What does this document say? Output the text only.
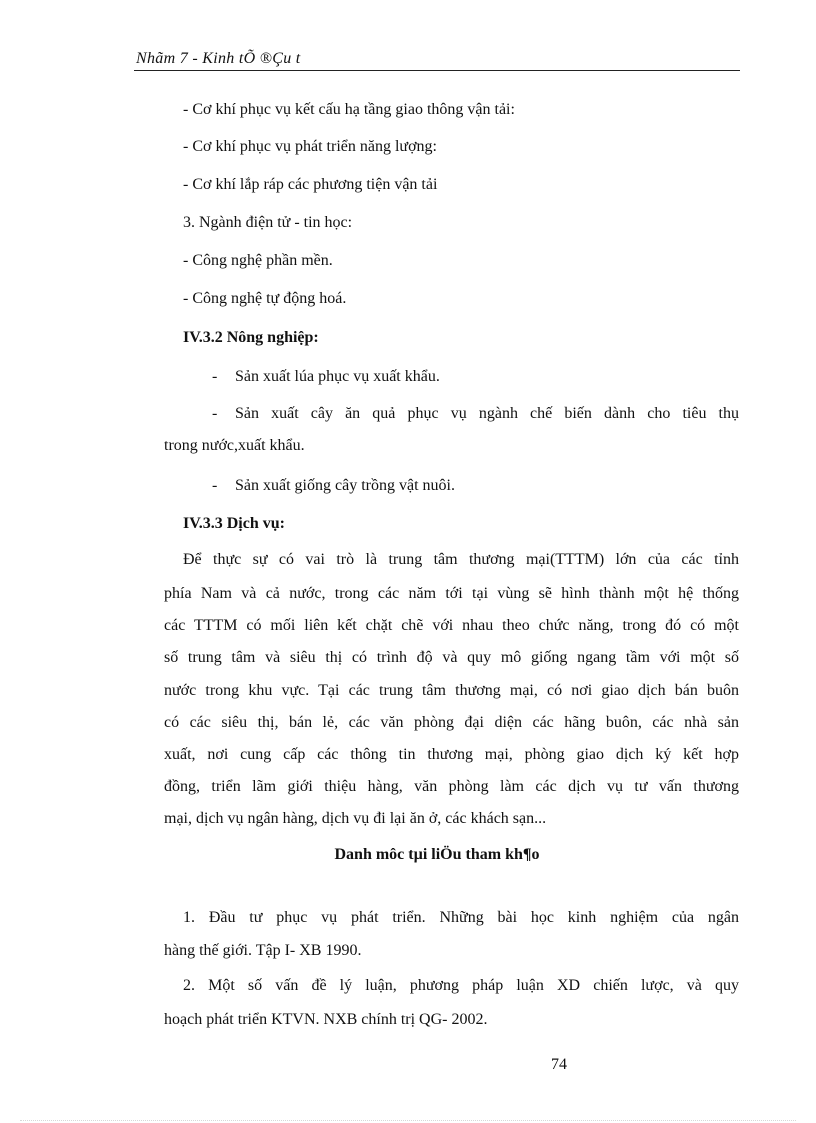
Nhãm 7 - Kinh tÕ ®Çu t
- Cơ khí phục vụ kết cấu hạ tầng giao thông vận tải:
- Cơ khí phục vụ phát triển năng lượng:
- Cơ khí lắp ráp các phương tiện vận tải
3. Ngành điện tử - tin học:
- Công nghệ phần mền.
- Công nghệ tự động hoá.
IV.3.2 Nông nghiệp:
- Sản xuất lúa phục vụ xuất khẩu.
- Sản xuất cây ăn quả phục vụ ngành chế biến dành cho tiêu thụ
trong nước,xuất khẩu.
- Sản xuất giống cây trồng vật nuôi.
IV.3.3 Dịch vụ:
Để thực sự có vai trò là trung tâm thương mại(TTTM) lớn của các tỉnh
phía Nam và cả nước, trong các năm tới tại vùng sẽ hình thành một hệ thống
các TTTM có mối liên kết chặt chẽ với nhau theo chức năng, trong đó có một
số trung tâm và siêu thị có trình độ và quy mô giống ngang tầm với một số
nước trong khu vực. Tại các trung tâm thương mại, có nơi giao dịch bán buôn
có các siêu thị, bán lẻ, các văn phòng đại diện các hãng buôn, các nhà sản
xuất, nơi cung cấp các thông tin thương mại, phòng giao dịch ký kết hợp
đồng, triển lãm giới thiệu hàng, văn phòng làm các dịch vụ tư vấn thương
mại, dịch vụ ngân hàng, dịch vụ đi lại ăn ở, các khách sạn...
Danh môc tµi liÖu tham kh¶o
1. Đầu tư phục vụ phát triển. Những bài học kinh nghiệm của ngân
hàng thế giới. Tập I- XB 1990.
2. Một số vấn đề lý luận, phương pháp luận XD chiến lược, và quy
hoạch phát triển KTVN. NXB chính trị QG- 2002.
74
